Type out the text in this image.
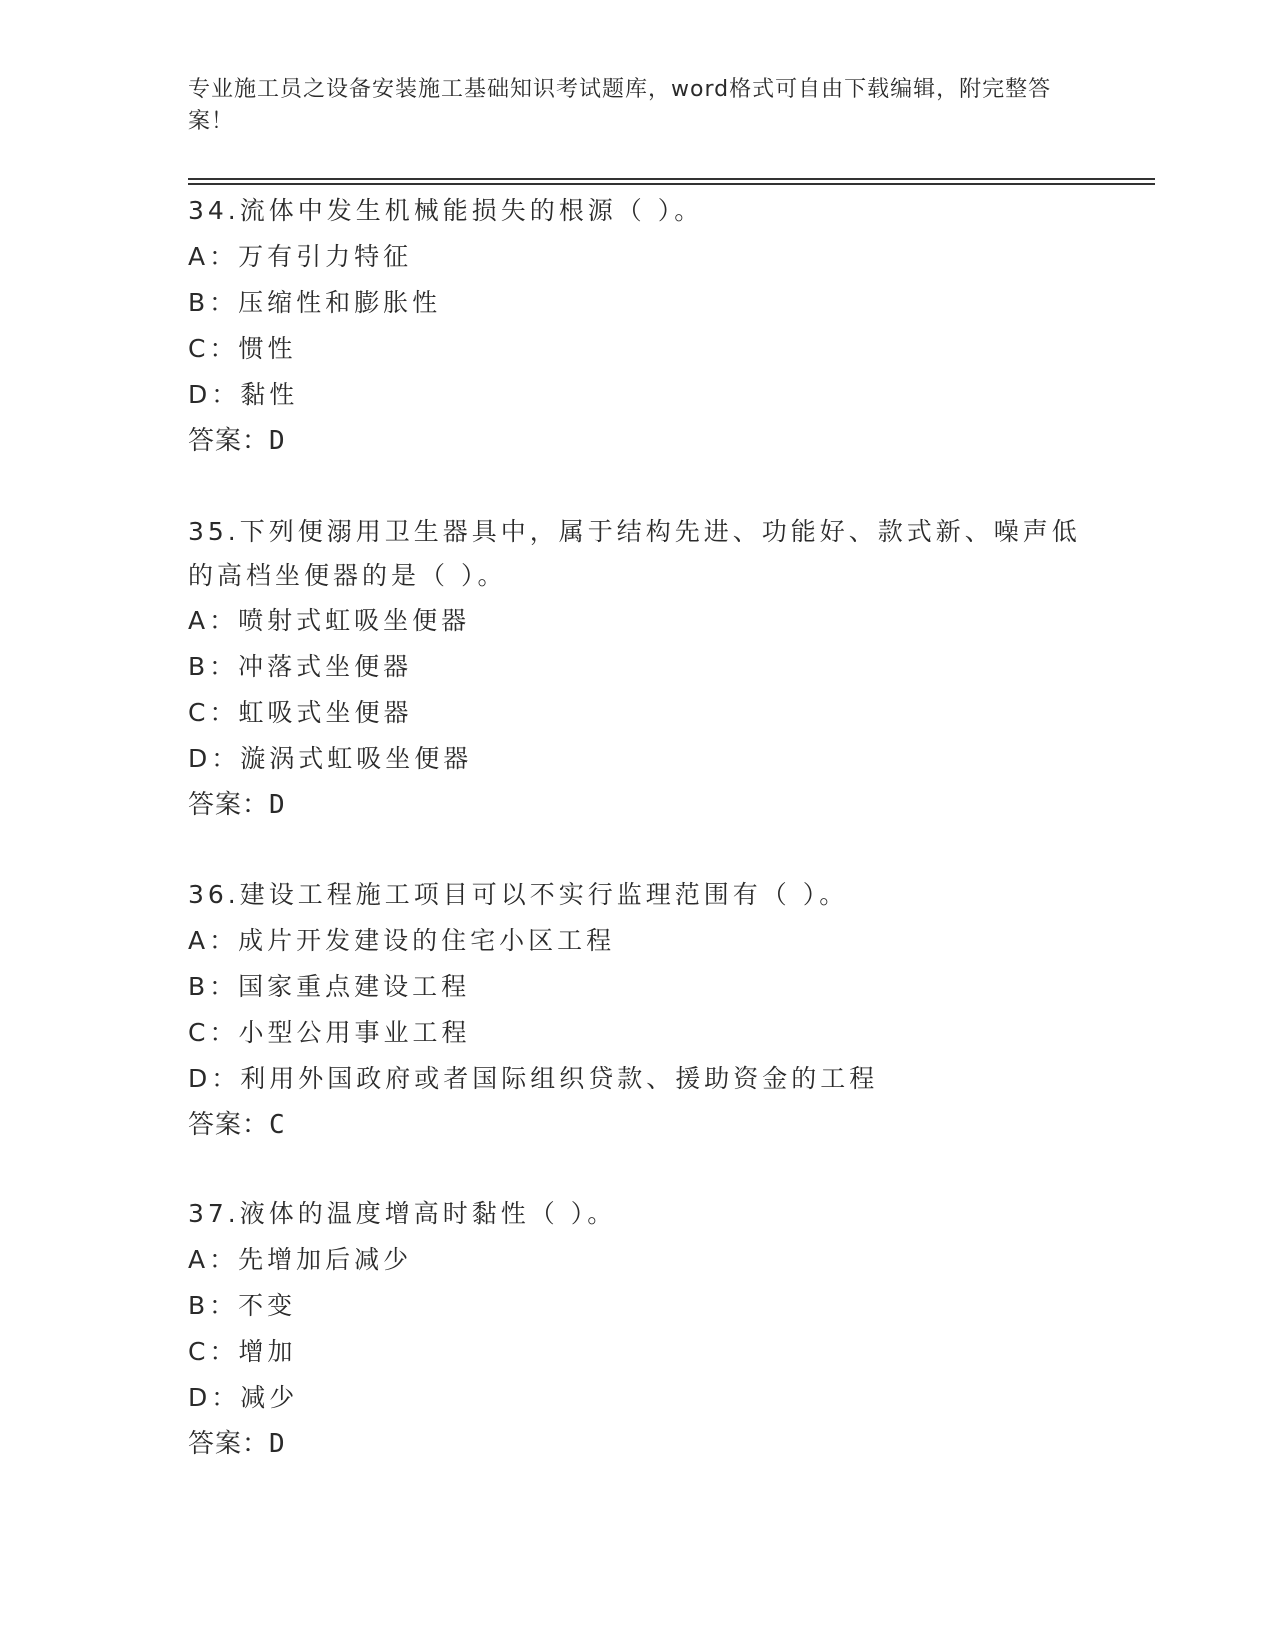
专业施工员之设备安装施工基础知识考试题库，word格式可自由下载编辑，附完整答案！
34.流体中发生机械能损失的根源（ ）。
A：万有引力特征
B：压缩性和膨胀性
C：惯性
D：黏性
答案：D
35.下列便溺用卫生器具中，属于结构先进、功能好、款式新、噪声低的高档坐便器的是（ ）。
A：喷射式虹吸坐便器
B：冲落式坐便器
C：虹吸式坐便器
D：漩涡式虹吸坐便器
答案：D
36.建设工程施工项目可以不实行监理范围有（ ）。
A：成片开发建设的住宅小区工程
B：国家重点建设工程
C：小型公用事业工程
D：利用外国政府或者国际组织贷款、援助资金的工程
答案：C
37.液体的温度增高时黏性（ ）。
A：先增加后减少
B：不变
C：增加
D：减少
答案：D
